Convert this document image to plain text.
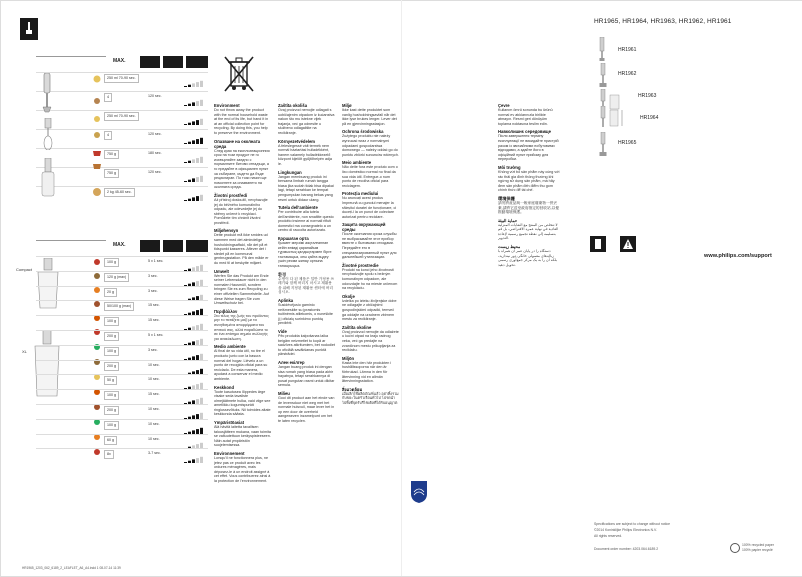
MAX.
250 ml 70-90 sec.
4	120 sec.
250 ml 70-90 sec.
4	120 sec.
750 g	180 sec.
750 g	120 sec.
2 kg 45-60 sec.
MAX.
Compact
XL
100 g	5 x 1 sec.
120 g (max)	3 sec.
20 g	3 sec.
50/100 g (max)	15 sec.
100 g	15 sec.
200 g	5 x 1 sec.
100 g	3 sec.
200 g	10 sec.
50 g	10 sec.
100 g	15 sec.
200 g	10 sec.
100 g	10 sec.
60 g	10 sec.
8x	3-7 sec.
Environment

Do not throw away the product with the normal household waste at the end of its life, but hand it in at an official collection point for recycling. By doing this, you help to preserve the environment.

Опазване на околната среда

След края на експлоатационния срок на този продукт не го изхвърляйте заедно с нормалните битови отпадъци, а го предайте в официален пункт за събиране, където да бъде рециклиран. По този начин ще помогнете за опазването на околната среда.

Životní prostředí

Až přístroj dosloužil, nevyhazujte jej do běžného komunálního odpadu, ale odevzdejte jej do sběrny určené k recyklaci. Pomůžete tím chránit životní prostředí.

Miljøhensyn

Dette produkt må ikke smides ud sammen med det almindelige husholdningsaffald, når det på et tidspunkt kasseres. Aflever det i stedet på en kommunal genbrugsstation. På den måde er du med til at beskytte miljøet.

Umwelt

Werfen Sie das Produkt am Ende seiner Lebensdauer nicht in den normalen Hausmüll, sondern bringen Sie es zum Recycling zu einer offiziellen Sammelstelle. Auf diese Weise tragen Sie zum Umweltschutz bei.

Περιβάλλον

Στο τέλος της ζωής του προϊόντος μην το πετάξετε μαζί με τα συνηθισμένα απορρίμματα του σπιτιού σας, αλλά παραδώστε το σε ένα επίσημο σημείο συλλογής για ανακύκλωση.

Medio ambiente

Al final de su vida útil, no tire el producto junto con la basura normal del hogar. Llévelo a un punto de recogida oficial para su reciclado. De esta manera, ayudará a conservar el medio ambiente.

Keskkond

Toote kasutusea lõppedes ärge visake seda tavaliste olmejäätmete hulka, vaid viige see ametlikku kogumispunkti ringlussevõtuks. Nii toimides aitate keskkonda säästa.

Ympäristöasiat

Älä hävitä laitetta tavallisen talousjätteen mukana, vaan toimita se valtuutettuun keräyspisteeseen. Näin autat ympäristön suojelemisessa.

Environnement

Lorsqu'il ne fonctionnera plus, ne jetez pas ce produit avec les ordures ménagères, mais déposez-le à un endroit assigné à cet effet. Vous contribuerez ainsi à la protection de l'environnement.

Zaštita okoliša

Ovaj proizvod nemojte odlagati s uobičajenim otpadom iz kućanstva nakon što mu istekne vijek trajanja, već ga odnesite u službeno odlagalište na recikliranje.

Környezetvédelem

A feleslegessé vált termék nem normál háztartási hulladékként, hanem valamely hulladékkezelő központ kijelölt gyűjtőhelyén adja le.

Lingkungan

Jangan membuang produk ini bersama limbah rumah tangga biasa jika sudah tidak bisa dipakai lagi, tetapi serahkan ke tempat pengumpulan barang bekas yang resmi untuk didaur ulang.

Tutela dell'ambiente

Per contribuire alla tutela dell'ambiente, non smaltite questo prodotto insieme ai normali rifiuti domestici ma consegnatelo a un centro di raccolta autorizzato.

Қоршаған орта

Қызмет мерзімі аяқталғаннан кейін өнімді қарапайым тұрмыстық қалдықтармен бірге тастамаңыз, оны қайта өңдеу үшін ресми жинау орнына тапсырыңыз.

환경

수명이 다 된 제품은 일반 가정용 쓰레기와 함께 버리지 마시고 재활용을 위해 지정된 재활용 센터에 버리십시오.

Aplinka

Susidėvėjusio gaminio neišmeskite su įprastomis buitinėmis atliekomis, o nuneškite jį į oficialų surinkimo punktą perdirbti.

Vide

Pēc produkta kalpošanas laika beigām neizmetiet to kopā ar sadzīves atkritumiem, bet nododiet to oficiālā savākšanas punktā pārstrādei.

Ален екілгер

Jangan buang produk ini dengan sisa rumah yang biasa pada akhir hayatnya, tetapi serahkannya di pusat pungutan rasmi untuk dikitar semula.

Milieu

Gooi dit product aan het einde van de levensduur niet weg met het normale huisvuil, maar lever het in op een door de overheid aangewezen inzamelpunt om het te laten recyclen.

Miljø

Ikke kast dette produktet som vanlig husholdningsavfall når det ikke lyse brukes lenger. Lever det på en gjenvinningsstasjon.

Ochrona środowiska

Zużytego produktu nie należy wyrzucać wraz z normalnymi odpadami gospodarstwa domowego — należy oddać go do punktu zbiórki surowców wtórnych.

Meio ambiente

Não deite fora este produto com o lixo doméstico normal no final da sua vida útil. Entregue-o num ponto de recolha oficial para reciclagem.

Protecția mediului

Nu aruncați acest produs împreună cu gunoiul menajer la sfârșitul duratei de funcționare, ci duceți-l la un punct de colectare autorizat pentru reciclare.

Защита окружающей среды

После окончания срока службы не выбрасывайте этот прибор вместе с бытовыми отходами. Передайте его в специализированный пункт для дальнейшей утилизации.

Životné prostredie

Produkt na konci jeho životnosti nevyhadzujte spolu s bežným komunálnym odpadom, ale odovzdajte ho na mieste určenom na recykláciu.

Okolje

Izdelka po izteku življenjske dobe ne odlagajte z običajnimi gospodinjskimi odpadki, temveč ga oddajte na uradnem zbirnem mestu za recikliranje.

Zaštita okoline

Ovaj proizvod nemojte da odlažete u kućni otpad na kraju radnog veka, već ga predajte na zvaničnom mestu prikupljanja za reciklažu.

Miljön

Kasta inte den här produkten i hushållssoporna när den är förbrukad. Lämna in den för återvinning vid en allmän återvinningsstation.

สิ่งแวดล้อม

เมื่อเลิกใช้ผลิตภัณฑ์แล้ว อย่าทิ้งรวมกับขยะในครัวเรือนทั่วไป โปรดนำไปทิ้งที่จุดรับรีไซเคิลที่ได้รับอนุญาต

Çevre

Kullanım ömrü sonunda bu ürünü normal ev atıklarınızla birlikte atmayın. Resmi geri dönüşüm toplama noktasına teslim edin.

Навколишнє середовище

Після завершення терміну експлуатації не викидайте пристрій разом із звичайними побутовими відходами, а здайте його в офіційний пункт прийому для переробки.

Môi trường

Không vứt bỏ sản phẩm này cùng với rác thải gia đình thông thường khi ngừng sử dụng sản phẩm, mà hãy đem sản phẩm đến điểm thu gom chính thức để tái chế.

環境保護

請勿將產品與一般家庭廢棄物一併丟棄,請將它送至政府指定的回收站,以便推動環境保護。

حماية البيئة

لا تتخلص من المنتج مع النفايات المنزلية العادية في نهاية عمره الافتراضي، بل قم بتسليمه إلى نقطة تجميع رسمية لإعادة التدوير.

محیط زیست

دستگاه را در پایان عمر آن همراه با زباله‌های معمولی خانگی دور نیندازید، بلکه آن را به یک مرکز جمع‌آوری رسمی تحویل دهید.

HR1965, HR1964, HR1963, HR1962, HR1961
HR1961
HR1962
HR1963
HR1964
HR1965
www.philips.com/support
Specifications are subject to change without notice
©2014 Koninklijke Philips Electronics N.V.
All rights reserved.
Document order number: 4203.064.6189.2
100% recycled paper
100% papier recyclé
HR1965_1203_062_6189_2_LEAFLET_A6_A4.indd 1 08-07-14 11:39
